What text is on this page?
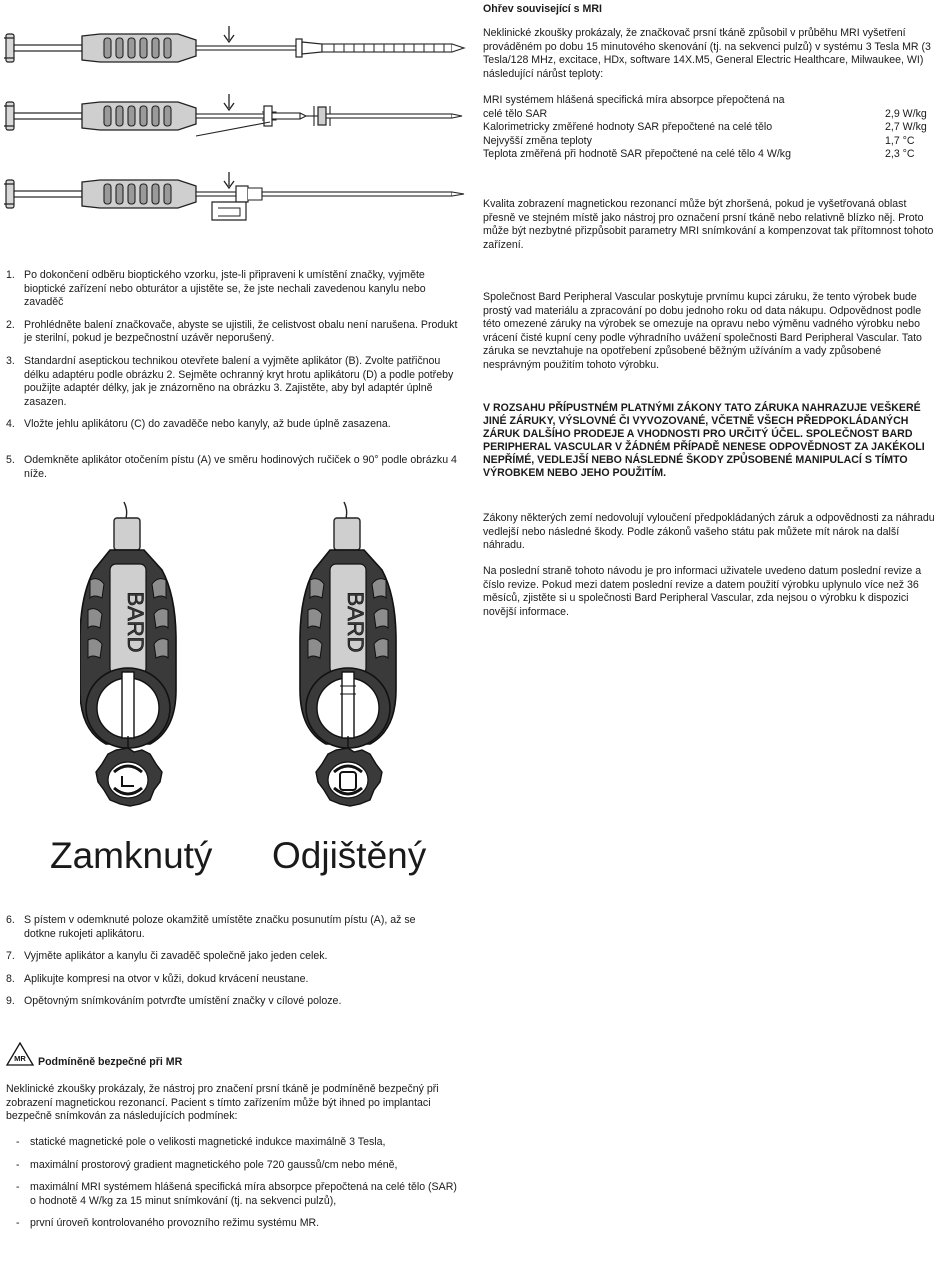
1. Po dokončení odběru bioptického vzorku, jste-li připraveni k umístění značky, vyjměte bioptické zařízení nebo obturátor a ujistěte se, že jste nechali zavedenou kanylu nebo zavaděč
2. Prohlédněte balení značkovače, abyste se ujistili, že celistvost obalu není narušena. Produkt je sterilní, pokud je bezpečnostní uzávěr neporušený.
3. Standardní aseptickou technikou otevřete balení a vyjměte aplikátor (B). Zvolte patřičnou délku adaptéru podle obrázku 2. Sejměte ochranný kryt hrotu aplikátoru (D) a podle potřeby použijte adaptér délky, jak je znázorněno na obrázku 3. Zajistěte, aby byl adaptér úplně zasazen.
4. Vložte jehlu aplikátoru (C) do zavaděče nebo kanyly, až bude úplně zasazena.
5. Odemkněte aplikátor otočením pístu (A) ve směru hodinových ručiček o 90° podle obrázku 4 níže.
BARD	BARD
Zamknutý Odjištěný
6. S pístem v odemknuté poloze okamžitě umístěte značku posunutím pístu (A), až se dotkne rukojeti aplikátoru.
7. Vyjměte aplikátor a kanylu či zavaděč společně jako jeden celek.
8. Aplikujte kompresi na otvor v kůži, dokud krvácení neustane.
9. Opětovným snímkováním potvrďte umístění značky v cílové poloze.
MR Podmíněně bezpečné při MR

Neklinické zkoušky prokázaly, že nástroj pro značení prsní tkáně je podmíněně bezpečný při zobrazení magnetickou rezonancí. Pacient s tímto zařízením může být ihned po implantaci bezpečně snímkován za následujících podmínek:

- statické magnetické pole o velikosti magnetické indukce maximálně 3 Tesla,
- maximální prostorový gradient magnetického pole 720 gaussů/cm nebo méně,
- maximální MRI systémem hlášená specifická míra absorpce přepočtená na celé tělo (SAR) o hodnotě 4 W/kg za 15 minut snímkování (tj. na sekvenci pulzů),
- první úroveň kontrolovaného provozního režimu systému MR.
Ohřev související s MRI

Neklinické zkoušky prokázaly, že značkovač prsní tkáně způsobil v průběhu MRI vyšetření prováděném po dobu 15 minutového skenování (tj. na sekvenci pulzů) v systému 3 Tesla MR (3 Tesla/128 MHz, excitace, HDx, software 14X.M5, General Electric Healthcare, Milwaukee, WI) následující nárůst teploty:

MRI systémem hlášená specifická míra absorpce přepočtená na
celé tělo SAR	2,9 W/kg
Kalorimetricky změřené hodnoty SAR přepočtené na celé tělo	2,7 W/kg
Nejvyšší změna teploty	1,7 °C
Teplota změřená při hodnotě SAR přepočtené na celé tělo 4 W/kg	2,3 °C

Kvalita zobrazení magnetickou rezonancí může být zhoršená, pokud je vyšetřovaná oblast přesně ve stejném místě jako nástroj pro označení prsní tkáně nebo relativně blízko něj. Proto může být nezbytné přizpůsobit parametry MRI snímkování a kompenzovat tak přítomnost tohoto zařízení.

Společnost Bard Peripheral Vascular poskytuje prvnímu kupci záruku, že tento výrobek bude prostý vad materiálu a zpracování po dobu jednoho roku od data nákupu. Odpovědnost podle této omezené záruky na výrobek se omezuje na opravu nebo výměnu vadného výrobku nebo vrácení čisté kupní ceny podle výhradního uvážení společnosti Bard Peripheral Vascular. Tato záruka se nevztahuje na opotřebení způsobené běžným užíváním a vady způsobené nesprávným použitím tohoto výrobku.

V ROZSAHU PŘÍPUSTNÉM PLATNÝMI ZÁKONY TATO ZÁRUKA NAHRAZUJE VEŠKERÉ JINÉ ZÁRUKY, VÝSLOVNÉ ČI VYVOZOVANÉ, VČETNĚ VŠECH PŘEDPOKLÁDANÝCH ZÁRUK DALŠÍHO PRODEJE A VHODNOSTI PRO URČITÝ ÚČEL. SPOLEČNOST BARD PERIPHERAL VASCULAR V ŽÁDNÉM PŘÍPADĚ NENESE ODPOVĚDNOST ZA JAKÉKOLI NEPŘÍMÉ, VEDLEJŠÍ NEBO NÁSLEDNÉ ŠKODY ZPŮSOBENÉ MANIPULACÍ S TÍMTO VÝROBKEM NEBO JEHO POUŽITÍM.

Zákony některých zemí nedovolují vyloučení předpokládaných záruk a odpovědnosti za náhradu vedlejší nebo následné škody. Podle zákonů vašeho státu pak můžete mít nárok na další náhradu.

Na poslední straně tohoto návodu je pro informaci uživatele uvedeno datum poslední revize a číslo revize. Pokud mezi datem poslední revize a datem použití výrobku uplynulo více než 36 měsíců, zjistěte si u společnosti Bard Peripheral Vascular, zda nejsou o výrobku k dispozici novější informace.
